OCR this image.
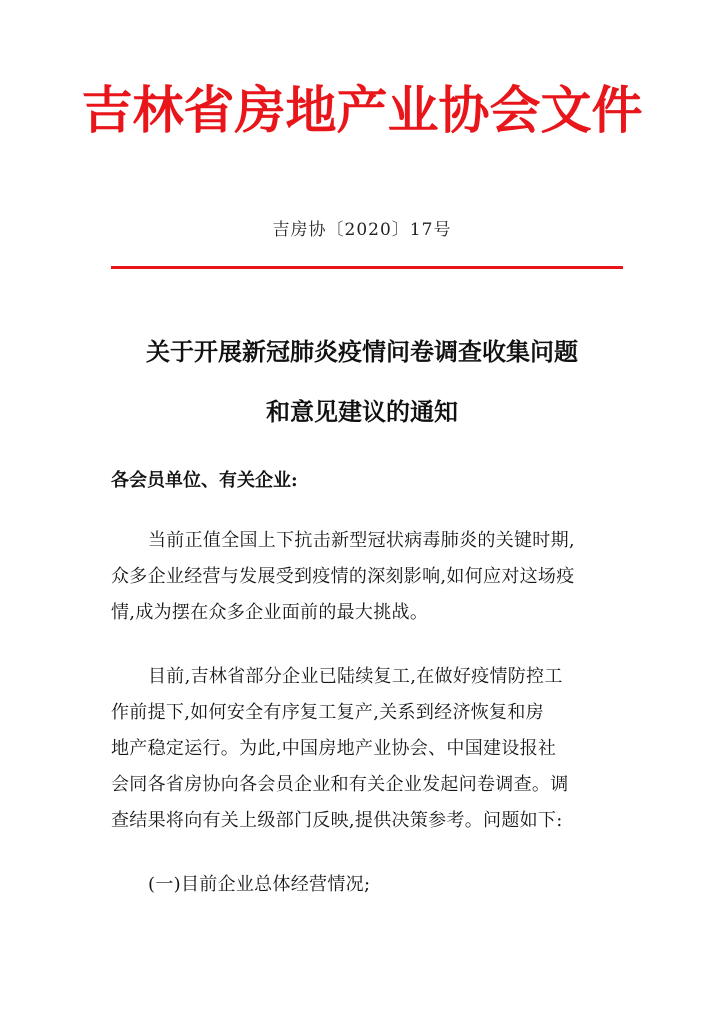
吉林省房地产业协会文件
吉房协〔2020〕17号
关于开展新冠肺炎疫情问卷调查收集问题
和意见建议的通知
各会员单位、有关企业:
当前正值全国上下抗击新型冠状病毒肺炎的关键时期,
众多企业经营与发展受到疫情的深刻影响,如何应对这场疫
情,成为摆在众多企业面前的最大挑战。
目前,吉林省部分企业已陆续复工,在做好疫情防控工
作前提下,如何安全有序复工复产,关系到经济恢复和房
地产稳定运行。为此,中国房地产业协会、中国建设报社
会同各省房协向各会员企业和有关企业发起问卷调查。调
查结果将向有关上级部门反映,提供决策参考。问题如下:
(一)目前企业总体经营情况;
